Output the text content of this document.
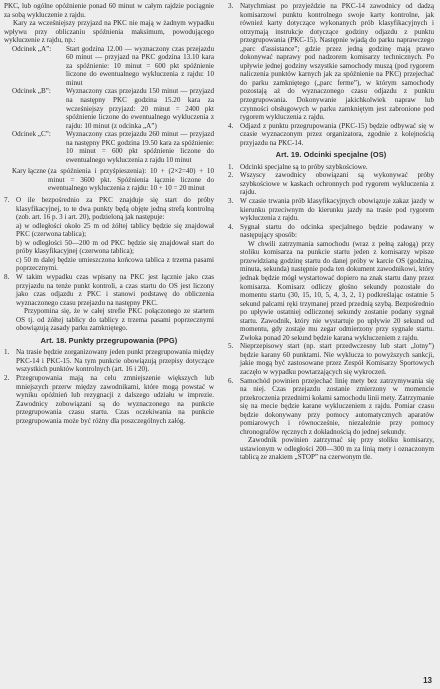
PKC, lub ogólne opóźnienie ponad 60 minut w całym rajdzie pociągnie za sobą wykluczenie z rajdu.

Kary za wcześniejszy przyjazd na PKC nie mają w żadnym wypadku wpływu przy obliczaniu spóźnienia maksimum, powodującego wykluczenie z rajdu, np.:

Odcinek „A”:	Start godzina 12.00 — wyznaczony czas przejazdu 60 minut — przyjazd na PKC godzina 13.10 kara za spóźnienie: 10 minut = 600 pkt spóźnienie liczone do ewentualnego wykluczenia z rajdu: 10 minut
Odcinek „B”:	Wyznaczony czas przejazdu 150 minut — przyjazd na następny PKC godzina 15.20 kara za wcześniejszy przyjazd: 20 minut = 2400 pkt spóźnienie liczone do ewentualnego wykluczenia z rajdu: 10 minut (z odcinka „A”)
Odcinek „C”:	Wyznaczony czas przejazdu 260 minut — przyjazd na następny PKC godzina 19.50 kara za spóźnienie: 10 minut = 600 pkt spóźnienie liczone do ewentualnego wykluczenia z rajdu 10 minut
Kary łączne (za spóźnienia i przyśpieszenia): 10 + (2×2=40) + 10 minut = 3600 pkt. Spóźnienia łącznie liczone do ewentualnego wykluczenia z rajdu: 10 + 10 = 20 minut
7. O ile bezpośrednio za PKC znajduje się start do próby klasyfikacyjnej, to te dwa punkty będą objęte jedną strefą kontrolną (zob. art. 16 p. 3 i art. 20), podzieloną jak następuje:

a) w odległości około 25 m od żółtej tablicy będzie się znajdował PKC (czerwona tablica);

b) w odległości 50—200 m od PKC będzie się znajdował start do próby klasyfikacyjnej (czerwona tablica);

c) 50 m dalej będzie umieszczona końcowa tablica z trzema pasami poprzecznymi.

8. W takim wypadku czas wpisany na PKC jest łącznie jako czas przyjazdu na tenże punkt kontroli, a czas startu do OS jest liczony jako czas odjazdu z PKC i stanowi podstawę do obliczenia wyznaczonego czasu przejazdu na następny PKC.

Przypomina się, że w całej strefie PKC połączonego ze startem OS tj. od żółtej tablicy do tablicy z trzema pasami poprzecznymi obowiązują zasady parku zamkniętego.

Art. 18. Punkty przegrupowania (PPG)
1. Na trasie będzie zorganizowany jeden punkt przegrupowania między PKC-14 i PKC-15. Na tym punkcie obowiązują przepisy dotyczące wszystkich punktów kontrolnych (art. 16 i 20).
2. Przegrupowania mają na celu zmniejszenie większych lub mniejszych przerw między zawodnikami, które mogą powstać w wyniku opóźnień lub rezygnacji z dalszego udziału w imprezie. Zawodnicy zobowiązani są do wyznaczonego na punkcie przegrupowania czasu startu. Czas oczekiwania na punkcie przegrupowania może być różny dla poszczególnych załóg.
3. Natychmiast po przyjeździe na PKC-14 zawodnicy od dadzą komisarzowi punktu kontrolnego swoje karty kontrolne, jak również karty dotyczące wykonanych prób klasyfikacyjnych i otrzymają instrukcje dotyczące godziny odjazdu z punktu przegrupowania (PKC-15). Następnie wjadą do parku naprawczego „parc d'assistance”; gdzie przez jedną godzinę mają prawo dokonywać naprawy pod nadzorem komisarzy technicznych. Po upływie jednej godziny wszystkie samochody muszą (pod rygorem naliczenia punktów karnych jak za spóźnienie na PKC) przejechać do parku zamkniętego („parc ferme”), w którym samochody pozostają aż do wyznaczonego czasu odjazdu z punktu przegrupowania. Dokonywanie jakichkolwiek napraw lub czynności obsługowych w parku zamkniętym jest zabronione pod rygorem wykluczenia z rajdu.
4. Odjazd z punktu przegrupowania (PKC-15) będzie odbywać się w czasie wyznaczonym przez organizatora, zgodnie z kolejnością przyjazdu na PKC-14.
Art. 19. Odcinki specjalne (OS)
1. Odcinki specjalne są to próby szybkościowe.
2. Wszyscy zawodnicy obowiązani są wykonywać próby szybkościowe w kaskach ochronnych pod rygorem wykluczenia z rajdu.
3. W czasie trwania prób klasyfikacyjnych obowiązuje zakaz jazdy w kierunku przeciwnym do kierunku jazdy na trasie pod rygorem wykluczenia z rajdu.
4. Sygnał startu do odcinka specjalnego będzie podawany w następujący sposób:

W chwili zatrzymania samochodu (wraz z pełną załogą) przy stoliku komisarza na punkcie startu jeden z komisarzy wpisze przewidzianą godzinę startu do danej próby w karcie OS (godzina, minuta, sekunda) następnie poda ten dokument zawodnikowi, który jednak będzie mógł wystartować dopiero na znak startu dany przez komisarza. Komisarz odliczy głośno sekundy pozostałe do momentu startu (30, 15, 10, 5, 4, 3, 2, 1) podkreślając ostatnie 5 sekund palcami ręki trzymanej przed przednią szybą. Bezpośrednio po upływie ostatniej odliczonej sekundy zostanie podany sygnał startu. Zawodnik, który nie wystartuje po upływie 20 sekund od momentu, gdy zostaje mu zegar odmierzony przy sygnale startu. Zwłoka ponad 20 sekund będzie karana wykluczeniem z rajdu.

5. Nieprzepisowy start (np. start przedwczesny lub start „lotny”) będzie karany 60 punktami. Nie wyklucza to powyższych sankcji, jakie mogą być zastosowane przez Zespół Komisarzy Sportowych zaczęło w wypadku powtarzających się wykroczeń.
6. Samochód powinien przejechać linię mety bez zatrzymywania się na niej. Czas przejazdu zostanie zmierzony w momencie przekroczenia przednimi kołami samochodu linii mety. Zatrzymanie się na mecie będzie karane wykluczeniem z rajdu. Pomiar czasu będzie dokonywany przy pomocy automatycznych aparatów pomiarowych i równocześnie, niezależnie przy pomocy chronografów ręcznych z dokładnością do jednej sekundy.

Zawodnik powinien zatrzymać się przy stoliku komisarzy, ustawionym w odległości 200—300 m za linią mety i oznaczonym tablicą ze znakiem „STOP” na czerwonym tle.

13
